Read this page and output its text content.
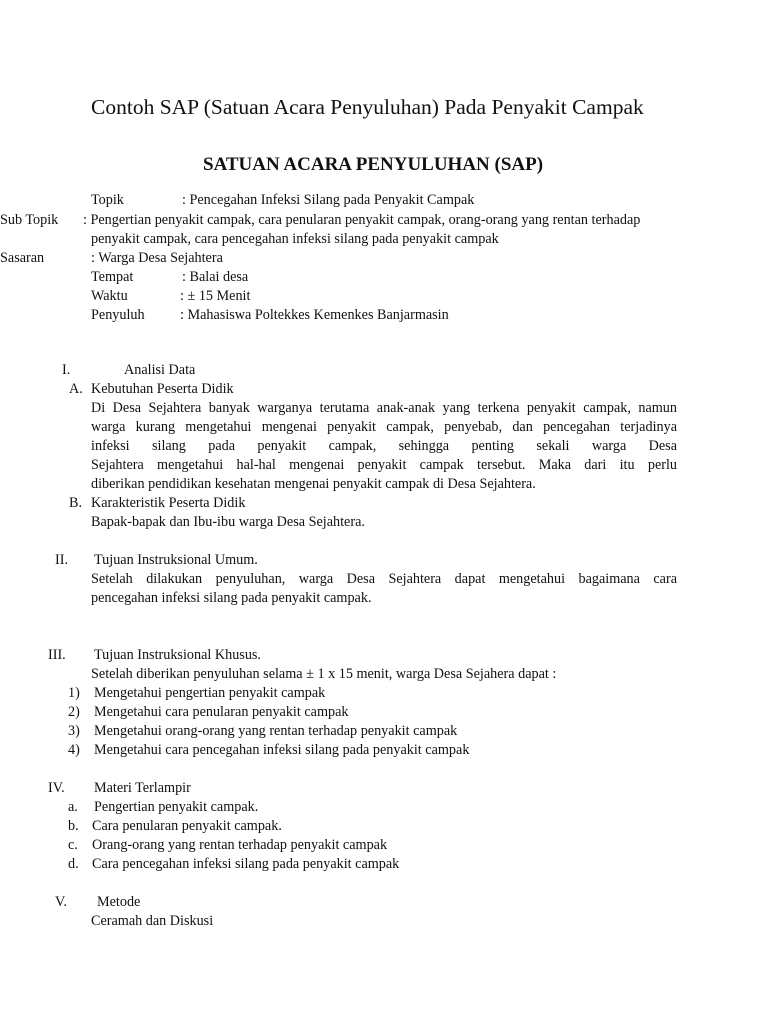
Contoh SAP (Satuan Acara Penyuluhan) Pada Penyakit Campak
SATUAN ACARA PENYULUHAN (SAP)
Topik	: Pencegahan Infeksi Silang pada Penyakit Campak
Sub Topik : Pengertian penyakit campak, cara penularan penyakit campak, orang-orang yang rentan terhadap
penyakit campak, cara pencegahan infeksi silang pada penyakit campak
Sasaran	: Warga Desa Sejahtera
Tempat	: Balai desa
Waktu	: ± 15 Menit
Penyuluh : Mahasiswa Poltekkes Kemenkes Banjarmasin
I.	Analisi Data
A. Kebutuhan Peserta Didik
Di Desa Sejahtera banyak warganya terutama anak-anak yang terkena penyakit campak, namun
warga kurang mengetahui mengenai penyakit campak, penyebab, dan pencegahan terjadinya
infeksi silang pada penyakit campak, sehingga penting sekali warga Desa
Sejahtera mengetahui hal-hal mengenai penyakit campak tersebut. Maka dari itu perlu
diberikan pendidikan kesehatan mengenai penyakit campak di Desa Sejahtera.
B. Karakteristik Peserta Didik
Bapak-bapak dan Ibu-ibu warga Desa Sejahtera.
II. Tujuan Instruksional Umum.
Setelah dilakukan penyuluhan, warga Desa Sejahtera dapat mengetahui bagaimana cara
pencegahan infeksi silang pada penyakit campak.
III. Tujuan Instruksional Khusus.
Setelah diberikan penyuluhan selama ± 1 x 15 menit, warga Desa Sejahera dapat :
1) Mengetahui pengertian penyakit campak
2) Mengetahui cara penularan penyakit campak
3) Mengetahui orang-orang yang rentan terhadap penyakit campak
4) Mengetahui cara pencegahan infeksi silang pada penyakit campak
IV. Materi Terlampir
a. Pengertian penyakit campak.
b. Cara penularan penyakit campak.
c. Orang-orang yang rentan terhadap penyakit campak
d. Cara pencegahan infeksi silang pada penyakit campak
V. Metode
Ceramah dan Diskusi
